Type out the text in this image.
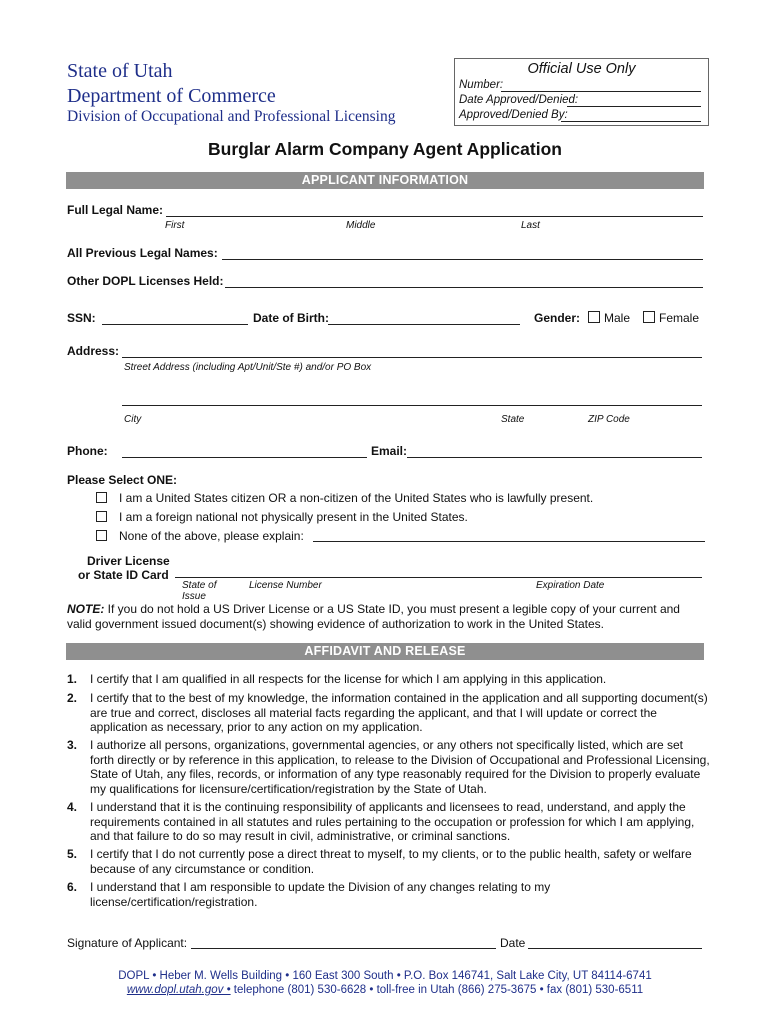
State of Utah
Department of Commerce
Division of Occupational and Professional Licensing
Official Use Only
Number:
Date Approved/Denied:
Approved/Denied By:
Burglar Alarm Company Agent Application
APPLICANT INFORMATION
Full Legal Name:
First	Middle	Last
All Previous Legal Names:
Other DOPL Licenses Held:
SSN:	Date of Birth:	Gender: Male Female
Address:
Street Address (including Apt/Unit/Ste #) and/or PO Box
City	State	ZIP Code
Phone:	Email:
Please Select ONE:
I am a United States citizen OR a non-citizen of the United States who is lawfully present.
I am a foreign national not physically present in the United States.
None of the above, please explain:
Driver License
or State ID Card
State of
Issue
License Number	Expiration Date
NOTE: If you do not hold a US Driver License or a US State ID, you must present a legible copy of your current and valid government issued document(s) showing evidence of authorization to work in the United States.
AFFIDAVIT AND RELEASE
1. I certify that I am qualified in all respects for the license for which I am applying in this application.
2. I certify that to the best of my knowledge, the information contained in the application and all supporting document(s) are true and correct, discloses all material facts regarding the applicant, and that I will update or correct the application as necessary, prior to any action on my application.
3. I authorize all persons, organizations, governmental agencies, or any others not specifically listed, which are set forth directly or by reference in this application, to release to the Division of Occupational and Professional Licensing, State of Utah, any files, records, or information of any type reasonably required for the Division to properly evaluate my qualifications for licensure/certification/registration by the State of Utah.
4. I understand that it is the continuing responsibility of applicants and licensees to read, understand, and apply the requirements contained in all statutes and rules pertaining to the occupation or profession for which I am applying, and that failure to do so may result in civil, administrative, or criminal sanctions.
5. I certify that I do not currently pose a direct threat to myself, to my clients, or to the public health, safety or welfare because of any circumstance or condition.
6. I understand that I am responsible to update the Division of any changes relating to my license/certification/registration.
Signature of Applicant:	Date
DOPL • Heber M. Wells Building • 160 East 300 South • P.O. Box 146741, Salt Lake City, UT 84114-6741
www.dopl.utah.gov • telephone (801) 530-6628 • toll-free in Utah (866) 275-3675 • fax (801) 530-6511
